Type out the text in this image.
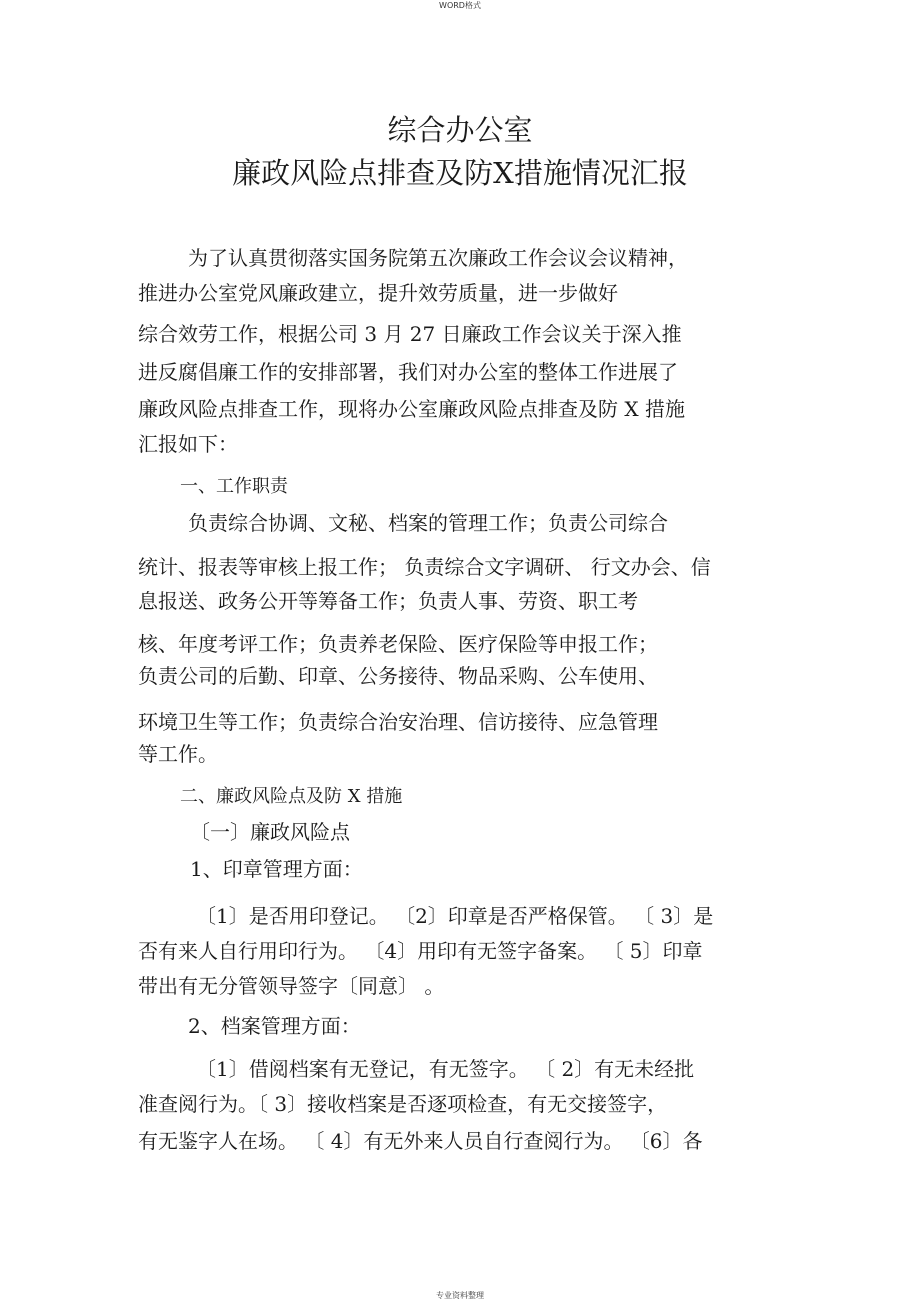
WORD格式
综合办公室
廉政风险点排查及防X措施情况汇报
为了认真贯彻落实国务院第五次廉政工作会议会议精神，
推进办公室党风廉政建立，提升效劳质量，进一步做好
综合效劳工作，根据公司 3 月 27 日廉政工作会议关于深入推
进反腐倡廉工作的安排部署，我们对办公室的整体工作进展了
廉政风险点排查工作，现将办公室廉政风险点排查及防 X 措施
汇报如下：
一、工作职责
负责综合协调、文秘、档案的管理工作；负责公司综合
统计、报表等审核上报工作； 负责综合文字调研、 行文办会、信
息报送、政务公开等筹备工作；负责人事、劳资、职工考
核、年度考评工作；负责养老保险、医疗保险等申报工作；
负责公司的后勤、印章、公务接待、物品采购、公车使用、
环境卫生等工作；负责综合治安治理、信访接待、应急管理
等工作。
二、廉政风险点及防 X 措施
〔一〕廉政风险点
1、印章管理方面：
〔1〕是否用印登记。 〔2〕印章是否严格保管。 〔 3〕是
否有来人自行用印行为。 〔4〕用印有无签字备案。 〔 5〕印章
带出有无分管领导签字〔同意〕 。
2、档案管理方面：
〔1〕借阅档案有无登记，有无签字。 〔 2〕有无未经批
准查阅行为。〔 3〕接收档案是否逐项检查，有无交接签字，
有无鉴字人在场。 〔 4〕有无外来人员自行查阅行为。 〔6〕各
专业资料整理
